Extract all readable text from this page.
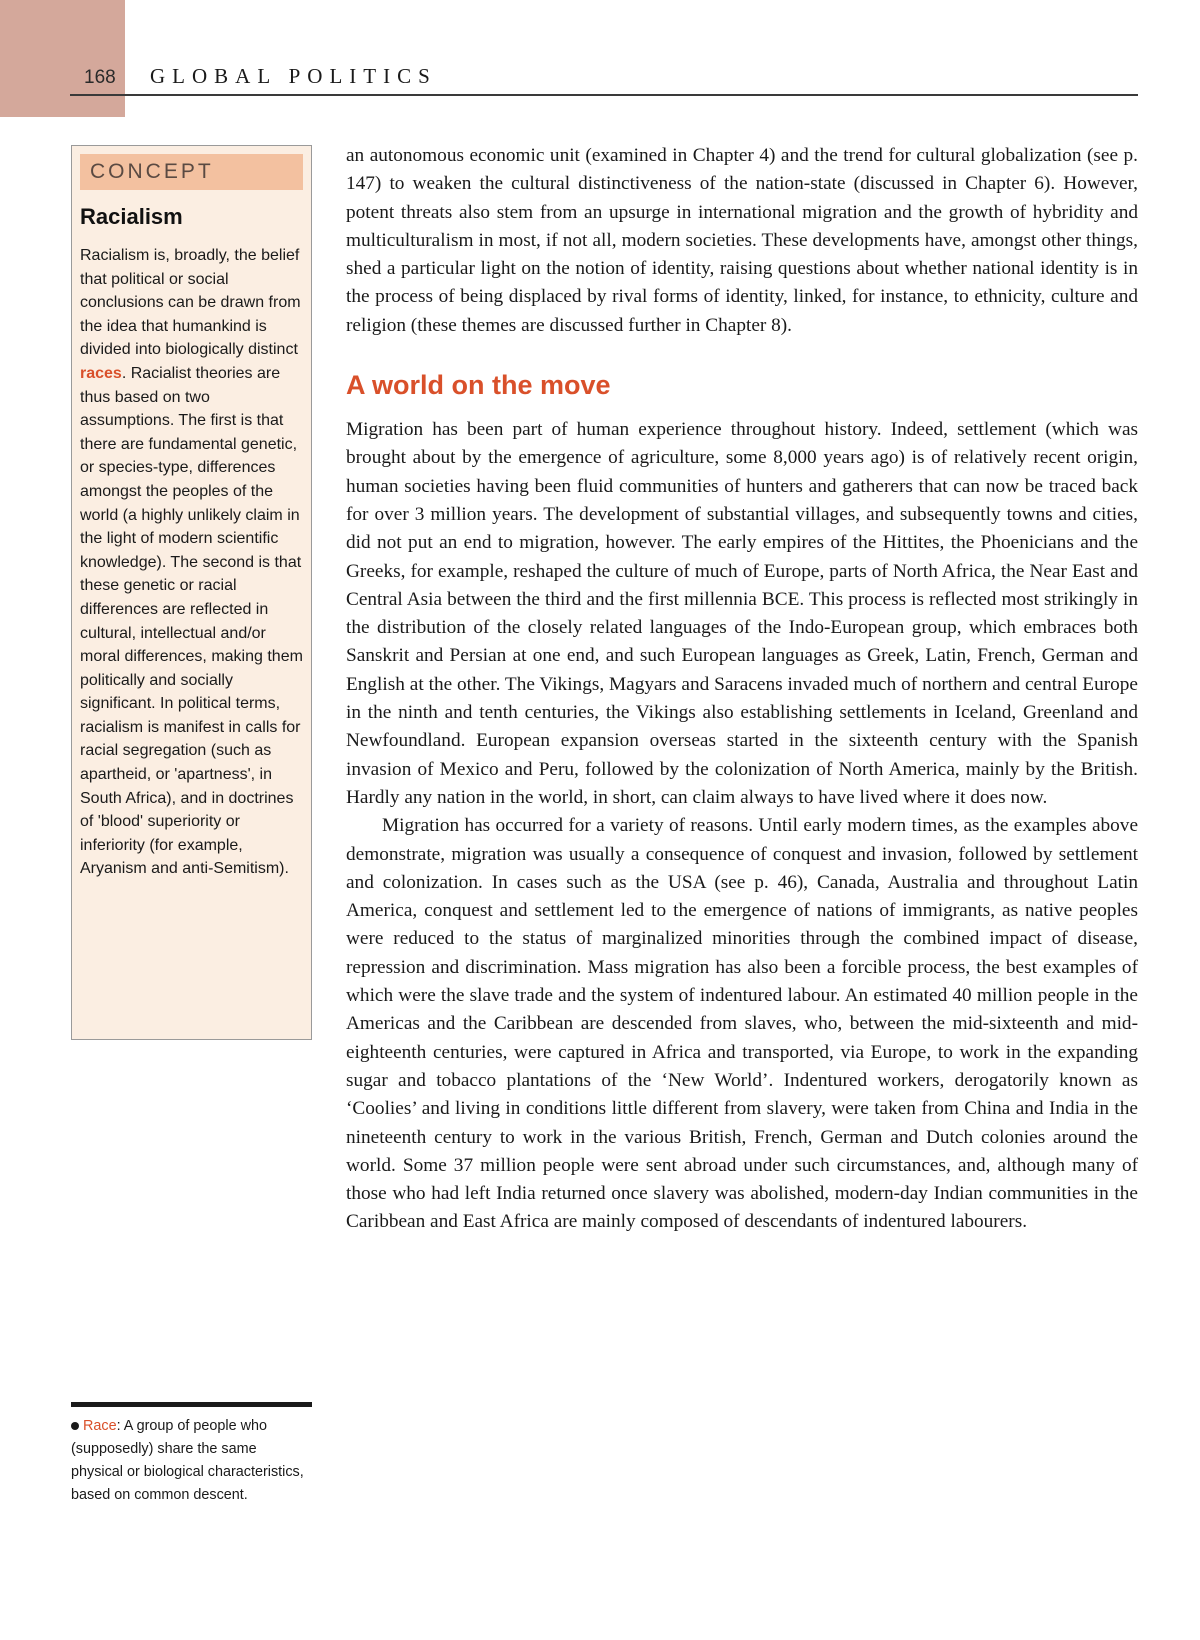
168 GLOBAL POLITICS
CONCEPT
Racialism
Racialism is, broadly, the belief that political or social conclusions can be drawn from the idea that humankind is divided into biologically distinct races. Racialist theories are thus based on two assumptions. The first is that there are fundamental genetic, or species-type, differences amongst the peoples of the world (a highly unlikely claim in the light of modern scientific knowledge). The second is that these genetic or racial differences are reflected in cultural, intellectual and/or moral differences, making them politically and socially significant. In political terms, racialism is manifest in calls for racial segregation (such as apartheid, or 'apartness', in South Africa), and in doctrines of 'blood' superiority or inferiority (for example, Aryanism and anti-Semitism).
Race: A group of people who (supposedly) share the same physical or biological characteristics, based on common descent.

an autonomous economic unit (examined in Chapter 4) and the trend for cultural globalization (see p. 147) to weaken the cultural distinctiveness of the nation-state (discussed in Chapter 6). However, potent threats also stem from an upsurge in international migration and the growth of hybridity and multiculturalism in most, if not all, modern societies. These developments have, amongst other things, shed a particular light on the notion of identity, raising questions about whether national identity is in the process of being displaced by rival forms of identity, linked, for instance, to ethnicity, culture and religion (these themes are discussed further in Chapter 8).

A world on the move

Migration has been part of human experience throughout history. Indeed, settlement (which was brought about by the emergence of agriculture, some 8,000 years ago) is of relatively recent origin, human societies having been fluid communities of hunters and gatherers that can now be traced back for over 3 million years. The development of substantial villages, and subsequently towns and cities, did not put an end to migration, however. The early empires of the Hittites, the Phoenicians and the Greeks, for example, reshaped the culture of much of Europe, parts of North Africa, the Near East and Central Asia between the third and the first millennia BCE. This process is reflected most strikingly in the distribution of the closely related languages of the Indo-European group, which embraces both Sanskrit and Persian at one end, and such European languages as Greek, Latin, French, German and English at the other. The Vikings, Magyars and Saracens invaded much of northern and central Europe in the ninth and tenth centuries, the Vikings also establishing settlements in Iceland, Greenland and Newfoundland. European expansion overseas started in the sixteenth century with the Spanish invasion of Mexico and Peru, followed by the colonization of North America, mainly by the British. Hardly any nation in the world, in short, can claim always to have lived where it does now.

Migration has occurred for a variety of reasons. Until early modern times, as the examples above demonstrate, migration was usually a consequence of conquest and invasion, followed by settlement and colonization. In cases such as the USA (see p. 46), Canada, Australia and throughout Latin America, conquest and settlement led to the emergence of nations of immigrants, as native peoples were reduced to the status of marginalized minorities through the combined impact of disease, repression and discrimination. Mass migration has also been a forcible process, the best examples of which were the slave trade and the system of indentured labour. An estimated 40 million people in the Americas and the Caribbean are descended from slaves, who, between the mid-sixteenth and mid-eighteenth centuries, were captured in Africa and transported, via Europe, to work in the expanding sugar and tobacco plantations of the ‘New World’. Indentured workers, derogatorily known as ‘Coolies’ and living in conditions little different from slavery, were taken from China and India in the nineteenth century to work in the various British, French, German and Dutch colonies around the world. Some 37 million people were sent abroad under such circumstances, and, although many of those who had left India returned once slavery was abolished, modern-day Indian communities in the Caribbean and East Africa are mainly composed of descendants of indentured labourers.
